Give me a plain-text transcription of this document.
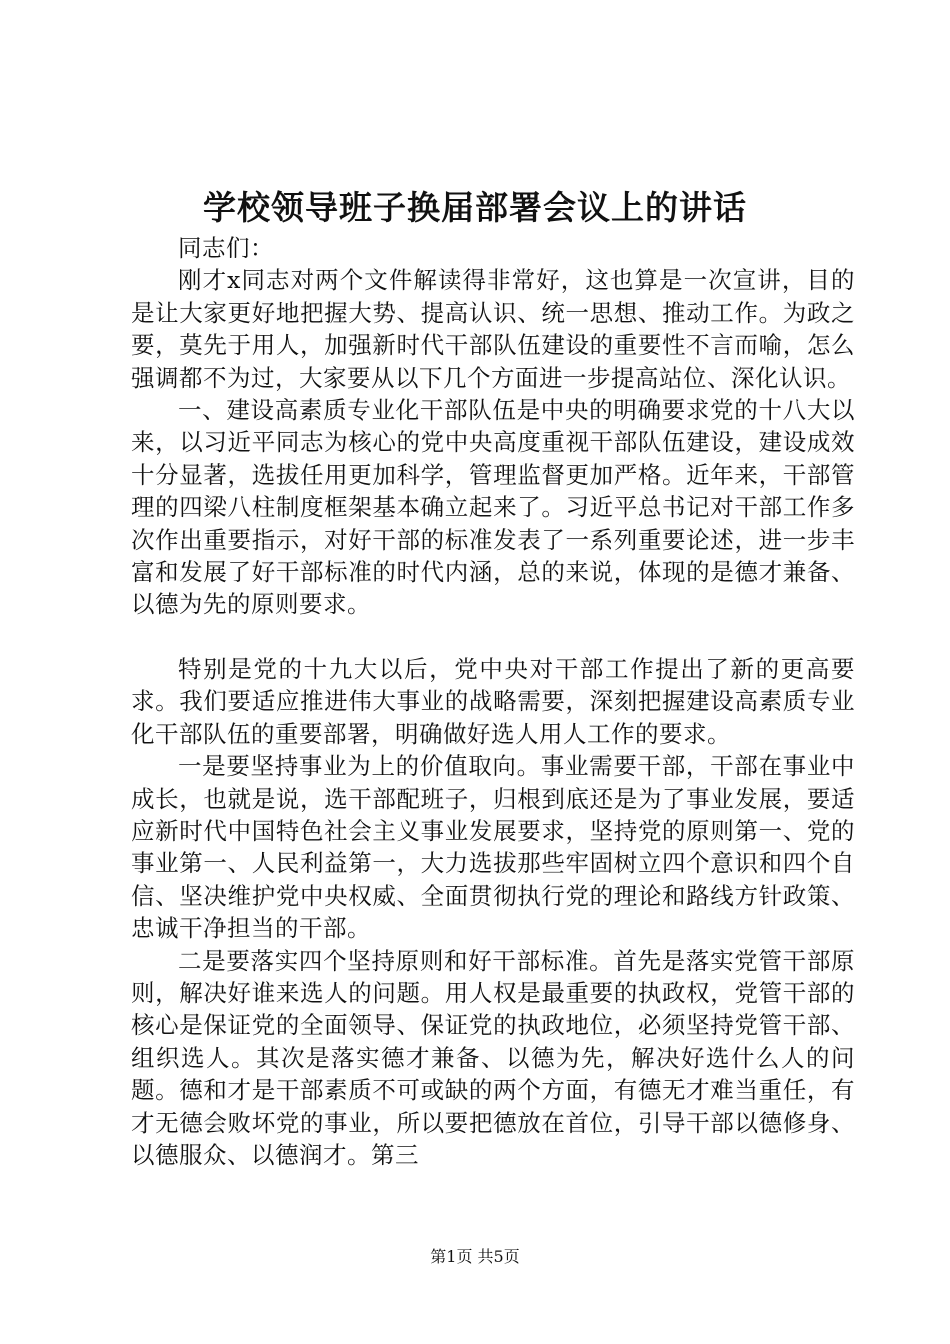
学校领导班子换届部署会议上的讲话

同志们：

刚才x同志对两个文件解读得非常好，这也算是一次宣讲，目的是让大家更好地把握大势、提高认识、统一思想、推动工作。为政之要，莫先于用人，加强新时代干部队伍建设的重要性不言而喻，怎么强调都不为过，大家要从以下几个方面进一步提高站位、深化认识。

一、建设高素质专业化干部队伍是中央的明确要求党的十八大以来，以习近平同志为核心的党中央高度重视干部队伍建设，建设成效十分显著，选拔任用更加科学，管理监督更加严格。近年来，干部管理的四梁八柱制度框架基本确立起来了。习近平总书记对干部工作多次作出重要指示，对好干部的标准发表了一系列重要论述，进一步丰富和发展了好干部标准的时代内涵，总的来说，体现的是德才兼备、以德为先的原则要求。

特别是党的十九大以后，党中央对干部工作提出了新的更高要求。我们要适应推进伟大事业的战略需要，深刻把握建设高素质专业化干部队伍的重要部署，明确做好选人用人工作的要求。

一是要坚持事业为上的价值取向。事业需要干部，干部在事业中成长，也就是说，选干部配班子，归根到底还是为了事业发展，要适应新时代中国特色社会主义事业发展要求，坚持党的原则第一、党的事业第一、人民利益第一，大力选拔那些牢固树立四个意识和四个自信、坚决维护党中央权威、全面贯彻执行党的理论和路线方针政策、忠诚干净担当的干部。

二是要落实四个坚持原则和好干部标准。首先是落实党管干部原则，解决好谁来选人的问题。用人权是最重要的执政权，党管干部的核心是保证党的全面领导、保证党的执政地位，必须坚持党管干部、组织选人。其次是落实德才兼备、以德为先，解决好选什么人的问题。德和才是干部素质不可或缺的两个方面，有德无才难当重任，有才无德会败坏党的事业，所以要把德放在首位，引导干部以德修身、以德服众、以德润才。第三

第1页 共5页
